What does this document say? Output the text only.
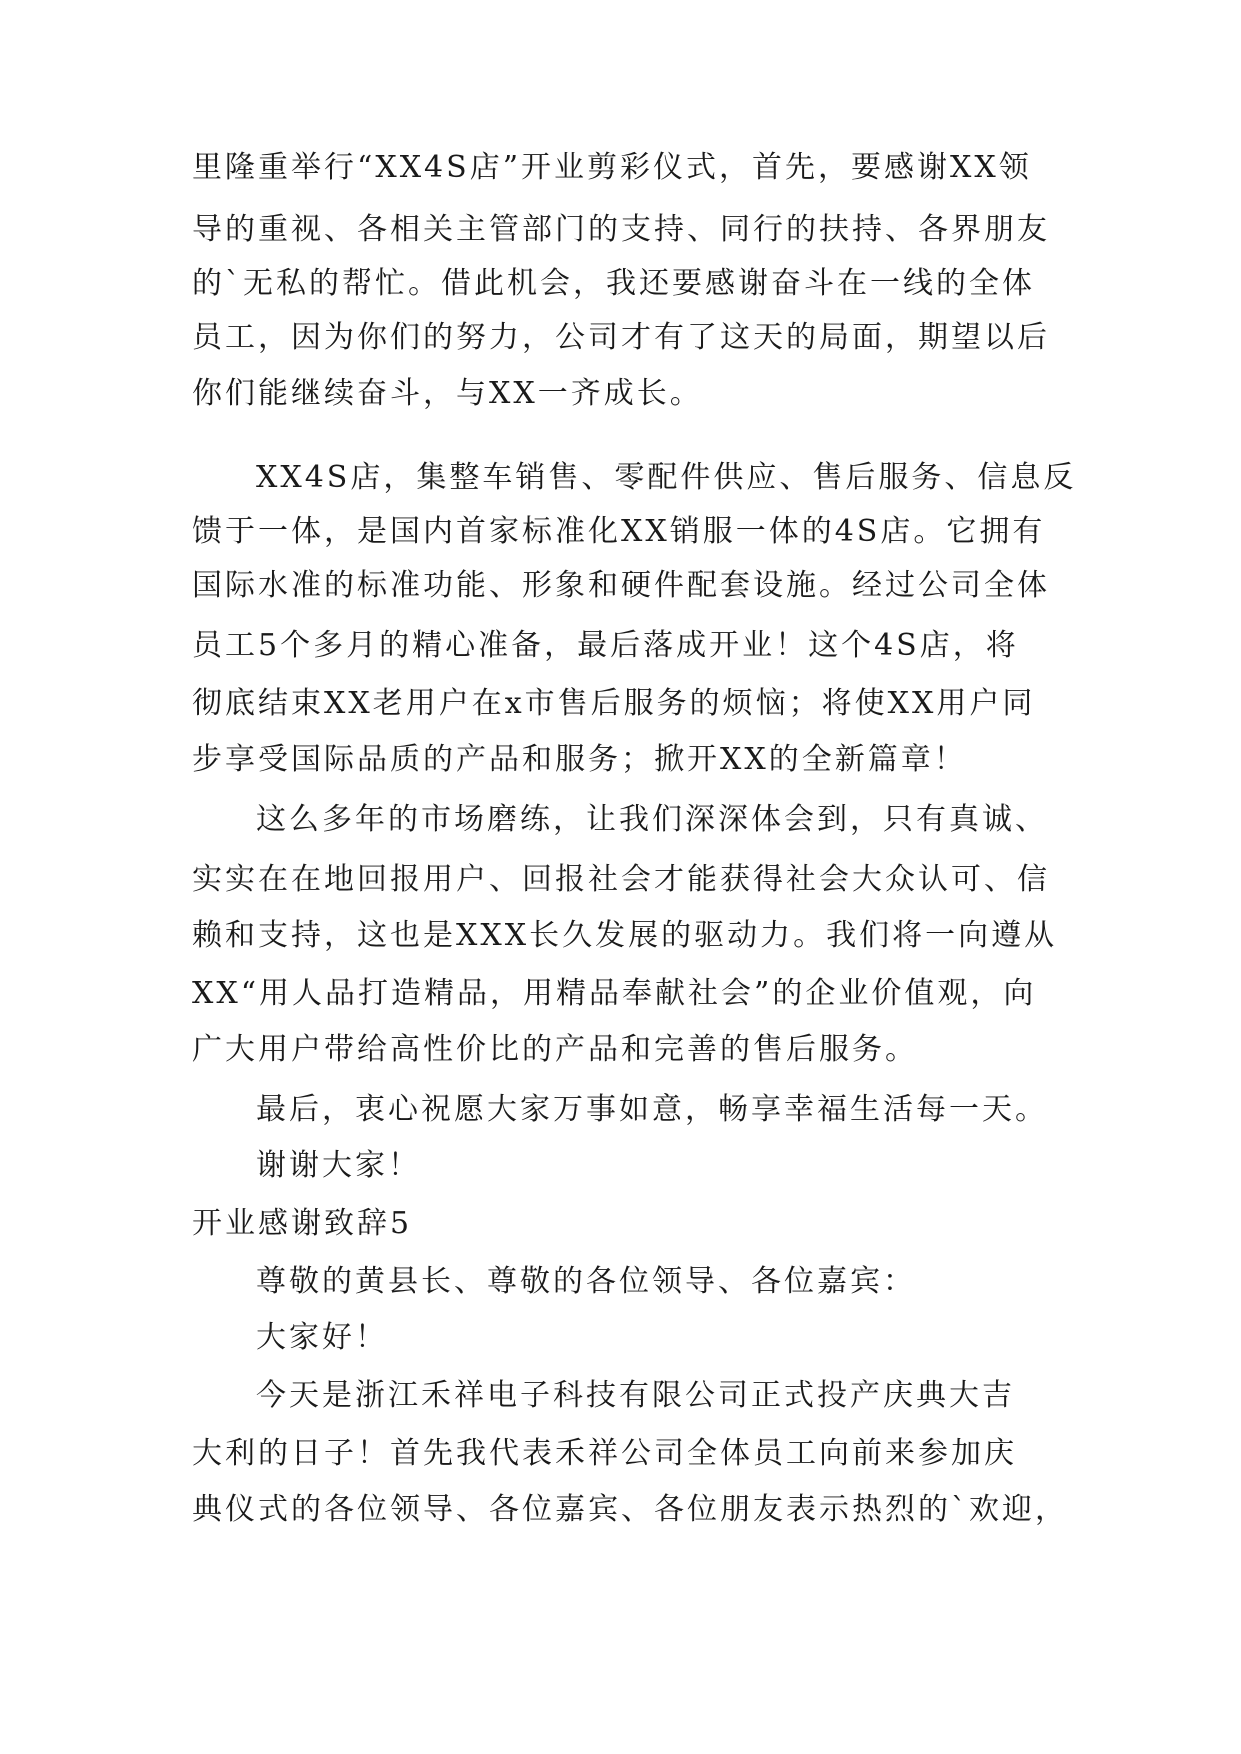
里隆重举行“XX4S店”开业剪彩仪式，首先，要感谢XX领
导的重视、各相关主管部门的支持、同行的扶持、各界朋友
的`无私的帮忙。借此机会，我还要感谢奋斗在一线的全体
员工，因为你们的努力，公司才有了这天的局面，期望以后
你们能继续奋斗，与XX一齐成长。
XX4S店，集整车销售、零配件供应、售后服务、信息反
馈于一体，是国内首家标准化XX销服一体的4S店。它拥有
国际水准的标准功能、形象和硬件配套设施。经过公司全体
员工5个多月的精心准备，最后落成开业！这个4S店，将
彻底结束XX老用户在x市售后服务的烦恼；将使XX用户同
步享受国际品质的产品和服务；掀开XX的全新篇章！
这么多年的市场磨练，让我们深深体会到，只有真诚、
实实在在地回报用户、回报社会才能获得社会大众认可、信
赖和支持，这也是XXX长久发展的驱动力。我们将一向遵从
XX“用人品打造精品，用精品奉献社会”的企业价值观，向
广大用户带给高性价比的产品和完善的售后服务。
最后，衷心祝愿大家万事如意，畅享幸福生活每一天。
谢谢大家！
开业感谢致辞5
尊敬的黄县长、尊敬的各位领导、各位嘉宾：
大家好！
今天是浙江禾祥电子科技有限公司正式投产庆典大吉
大利的日子！首先我代表禾祥公司全体员工向前来参加庆
典仪式的各位领导、各位嘉宾、各位朋友表示热烈的`欢迎，
